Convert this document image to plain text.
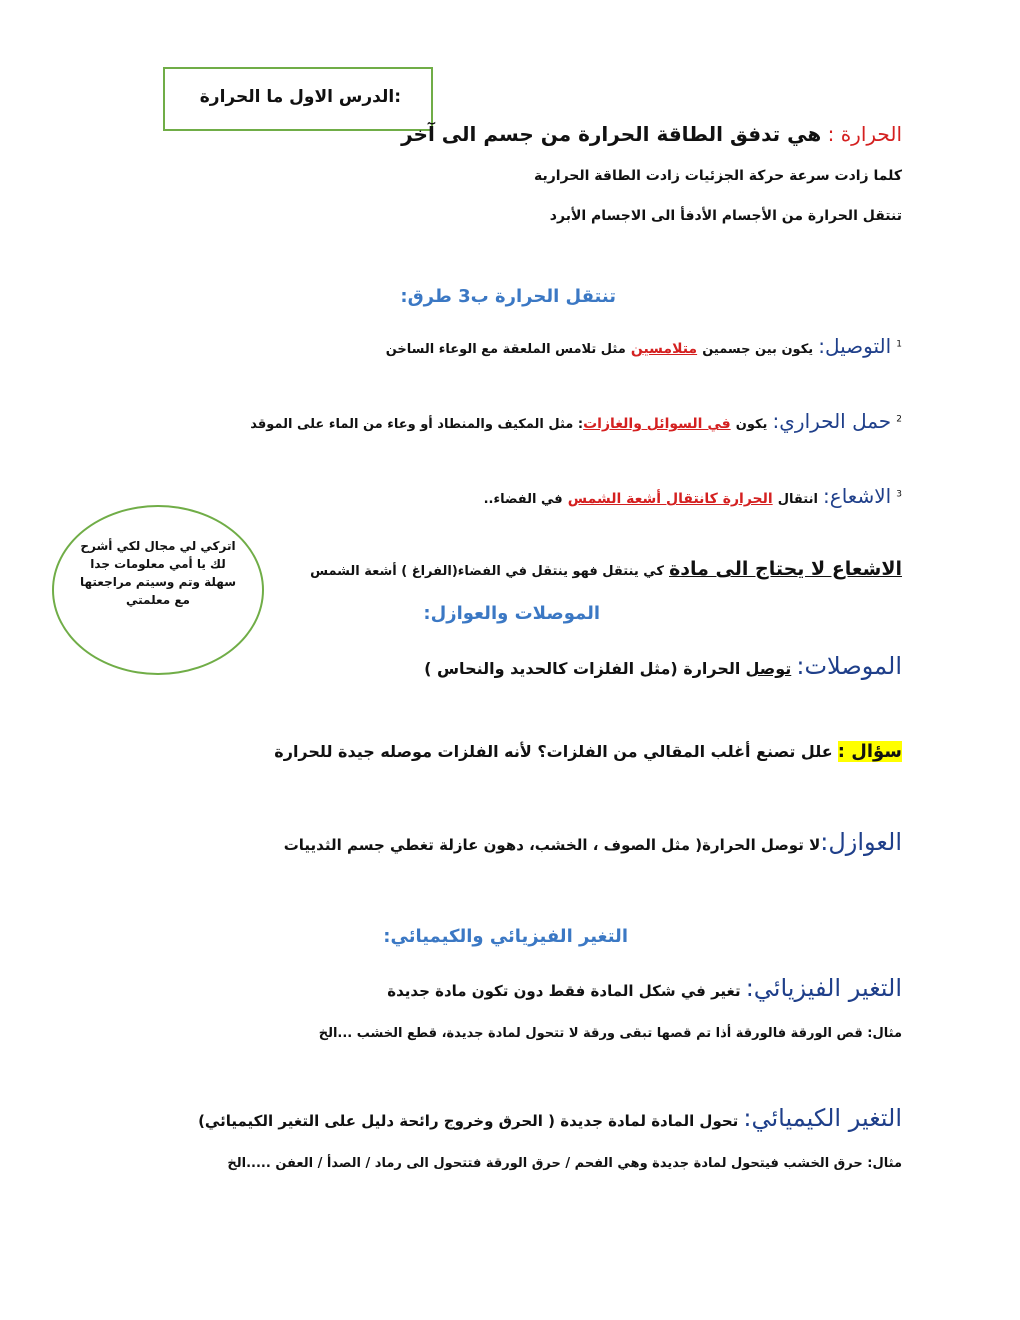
الدرس الاول ما الحرارة:
الحرارة : هي تدفق الطاقة الحرارة من جسم الى آخر
كلما زادت سرعة حركة الجزئيات زادت الطاقة الحرارية
تنتقل الحرارة من الأجسام الأدفأ الى الاجسام الأبرد
تنتقل الحرارة ب3 طرق:
$^1$ التوصيل: يكون بين جسمين متلامسين مثل تلامس الملعقة مع الوعاء الساخن
$^2$ حمل الحراري: يكون في السوائل والغازات: مثل المكيف والمنطاد أو وعاء من الماء على الموقد
$^3$ الاشعاع: انتقال الحرارة كانتقال أشعة الشمس في الفضاء..
اتركي لي مجال لكي أشرح لك يا أمي معلومات جدا سهلة وتم وسيتم مراجعتها مع معلمتي
الاشعاع لا يحتاج الى مادة كي ينتقل فهو ينتقل في الفضاء(الفراغ ) أشعة الشمس
الموصلات والعوازل:
الموصلات: توصل الحرارة (مثل الفلزات كالحديد والنحاس )
سؤال : علل تصنع أغلب المقالي من الفلزات؟ لأنه الفلزات موصله جيدة للحرارة
العوازل:لا توصل الحرارة( مثل الصوف ، الخشب، دهون عازلة تغطي جسم الثدييات
التغير الفيزيائي والكيميائي:
التغير الفيزيائي: تغير في شكل المادة فقط دون تكون مادة جديدة
مثال: قص الورقة فالورقة أذا تم قصها تبقى ورقة لا تتحول لمادة جديدة، قطع الخشب ...الخ
التغير الكيميائي: تحول المادة لمادة جديدة ( الحرق وخروج رائحة دليل على التغير الكيميائي)
مثال: حرق الخشب فيتحول لمادة جديدة وهي الفحم / حرق الورقة فتتحول الى رماد / الصدأ / العفن .....الخ
